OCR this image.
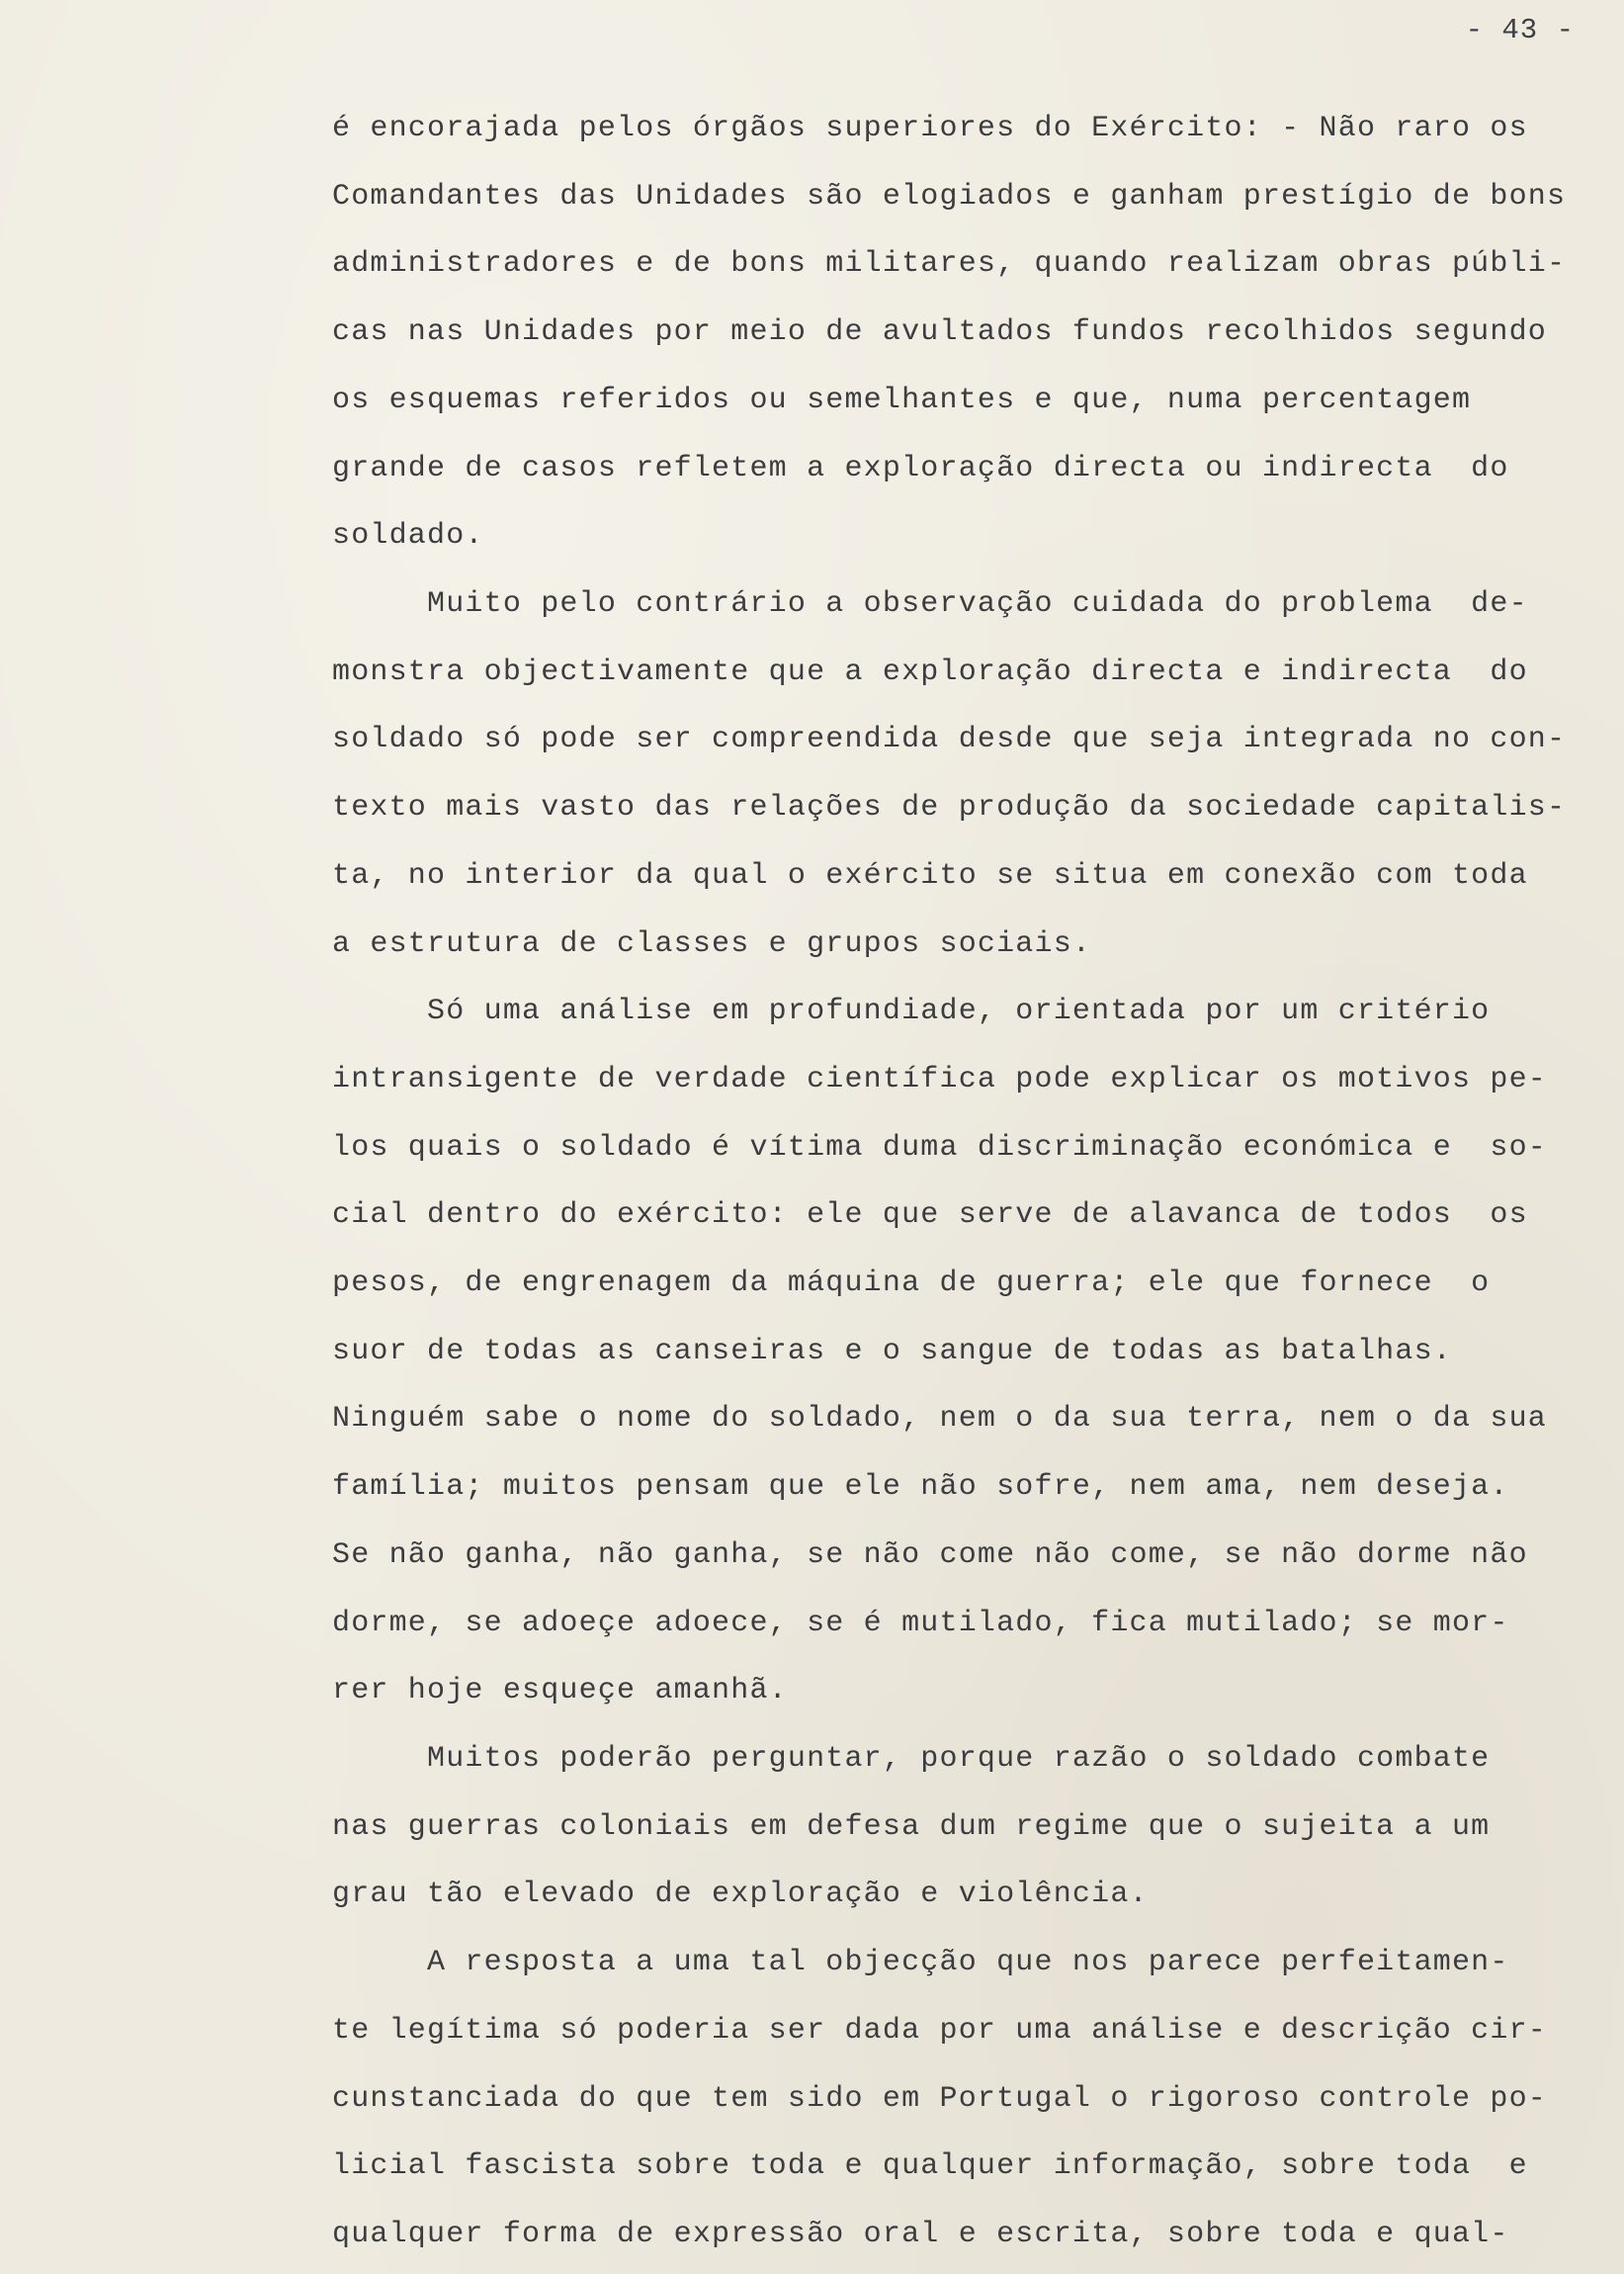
- 43 -
é encorajada pelos órgãos superiores do Exército: - Não raro os
Comandantes das Unidades são elogiados e ganham prestígio de bons
administradores e de bons militares, quando realizam obras públi-
cas nas Unidades por meio de avultados fundos recolhidos segundo
os esquemas referidos ou semelhantes e que, numa percentagem
grande de casos refletem a exploração directa ou indirecta  do
soldado.
Muito pelo contrário a observação cuidada do problema  de-
monstra objectivamente que a exploração directa e indirecta  do
soldado só pode ser compreendida desde que seja integrada no con-
texto mais vasto das relações de produção da sociedade capitalis-
ta, no interior da qual o exército se situa em conexão com toda
a estrutura de classes e grupos sociais.
Só uma análise em profundiade, orientada por um critério
intransigente de verdade científica pode explicar os motivos pe-
los quais o soldado é vítima duma discriminação económica e  so-
cial dentro do exército: ele que serve de alavanca de todos  os
pesos, de engrenagem da máquina de guerra; ele que fornece  o
suor de todas as canseiras e o sangue de todas as batalhas.
Ninguém sabe o nome do soldado, nem o da sua terra, nem o da sua
família; muitos pensam que ele não sofre, nem ama, nem deseja.
Se não ganha, não ganha, se não come não come, se não dorme não
dorme, se adoeçe adoece, se é mutilado, fica mutilado; se mor-
rer hoje esqueçe amanhã.
Muitos poderão perguntar, porque razão o soldado combate
nas guerras coloniais em defesa dum regime que o sujeita a um
grau tão elevado de exploração e violência.
A resposta a uma tal objecção que nos parece perfeitamen-
te legítima só poderia ser dada por uma análise e descrição cir-
cunstanciada do que tem sido em Portugal o rigoroso controle po-
licial fascista sobre toda e qualquer informação, sobre toda  e
qualquer forma de expressão oral e escrita, sobre toda e qual-
